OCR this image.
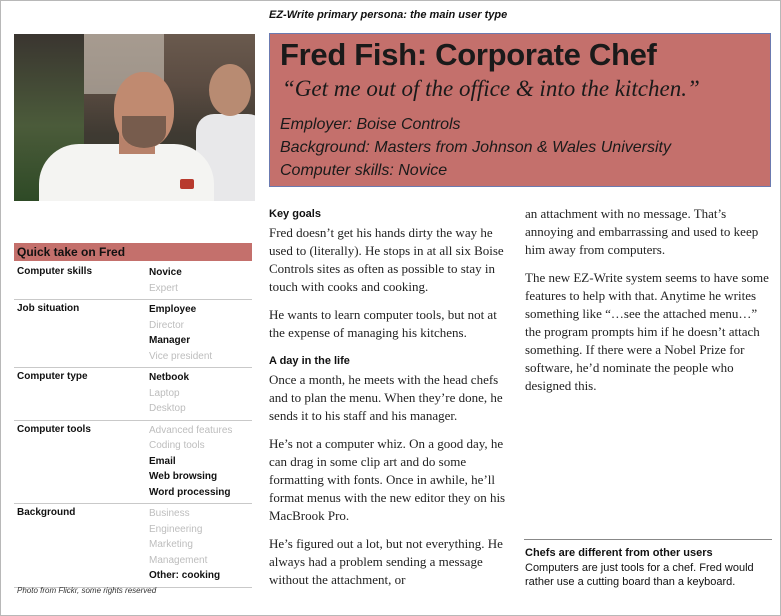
EZ-Write primary persona: the main user type
Fred Fish: Corporate Chef
“Get me out of the office & into the kitchen.”
Employer: Boise Controls
Background: Masters from Johnson & Wales University
Computer skills: Novice
Quick take on Fred
Computer skills	Novice
Expert
Job situation	Employee
Director
Manager
Vice president
Computer type	Netbook
Laptop
Desktop
Computer tools	Advanced features
Coding tools
Email
Web browsing
Word processing
Background	Business
Engineering
Marketing
Management
Other: cooking
Photo from Flickr, some rights reserved
Key goals

Fred doesn’t get his hands dirty the way he used to (literally). He stops in at all six Boise Controls sites as often as possible to stay in touch with cooks and cooking.

He wants to learn computer tools, but not at the expense of managing his kitchens.

A day in the life

Once a month, he meets with the head chefs and to plan the menu. When they’re done, he sends it to his staff and his manager.

He’s not a computer whiz. On a good day, he can drag in some clip art and do some formatting with fonts. Once in awhile, he’ll format menus with the new editor they on his MacBrook Pro.

He’s figured out a lot, but not everything. He always had a problem sending a message without the attachment, or

an attachment with no message. That’s annoying and embarrassing and used to keep him away from computers.

The new EZ-Write system seems to have some features to help with that. Anytime he writes something like “…see the attached menu…” the program prompts him if he doesn’t attach something. If there were a Nobel Prize for software, he’d nominate the people who designed this.

Chefs are different from other users
Computers are just tools for a chef. Fred would rather use a cutting board than a keyboard.
